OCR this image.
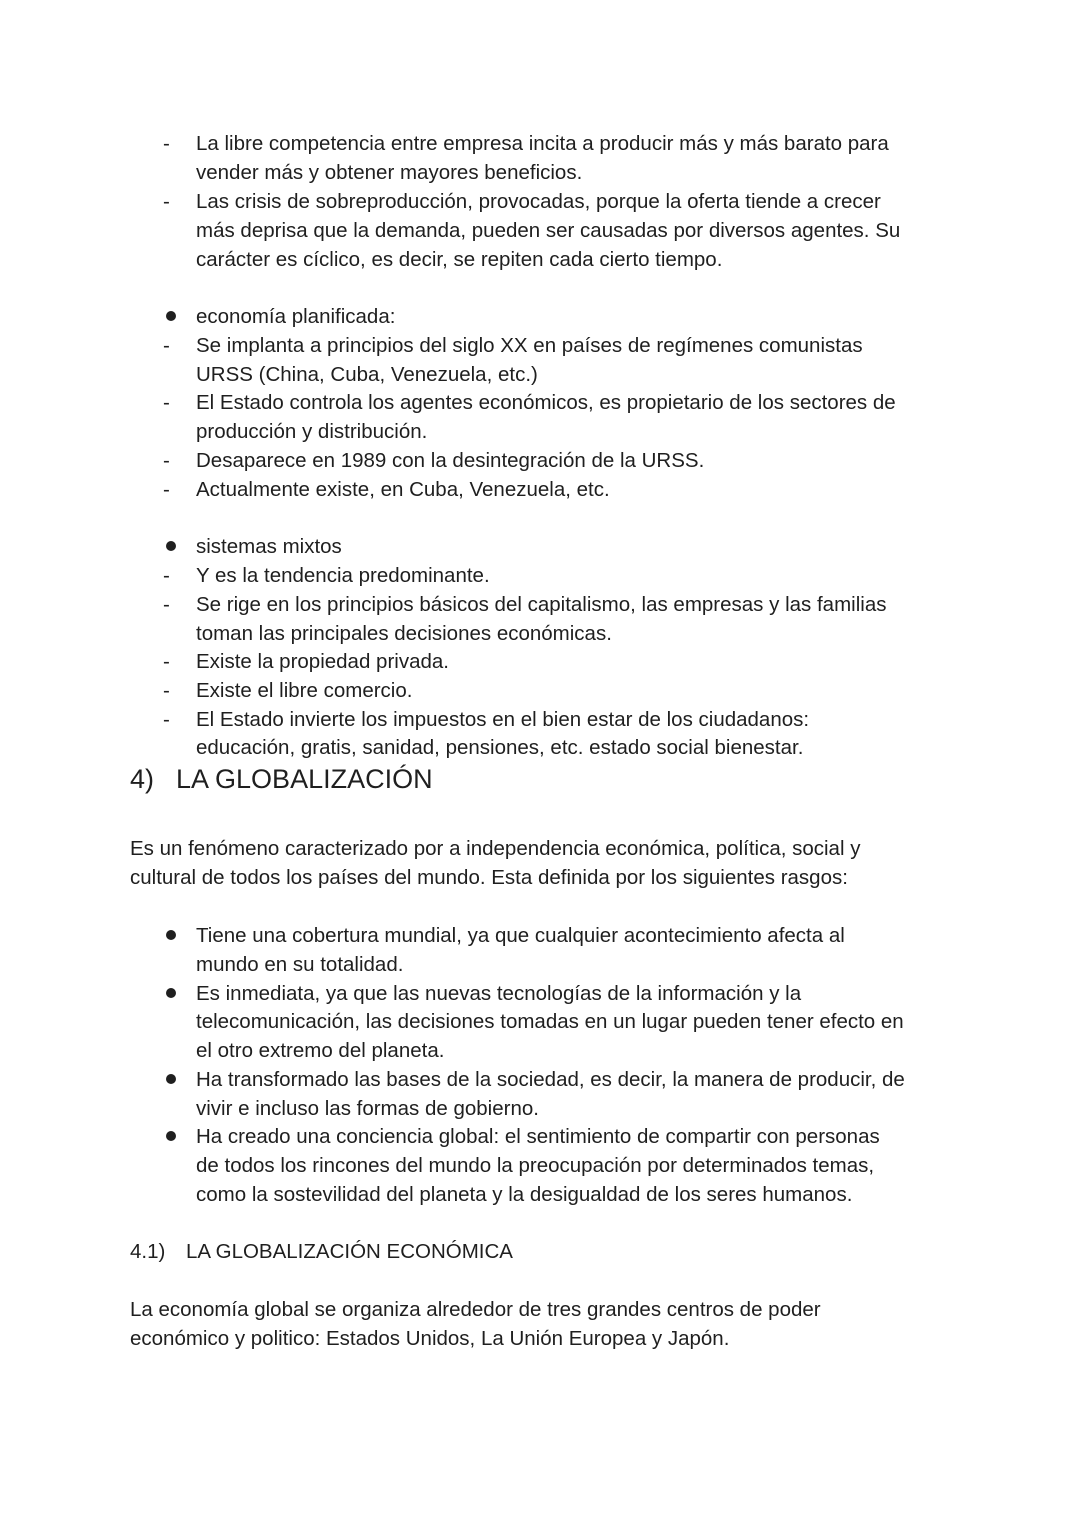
- La libre competencia entre empresa incita a producir más y más barato para
vender más y obtener mayores beneficios.
- Las crisis de sobreproducción, provocadas, porque la oferta tiende a crecer
más deprisa que la demanda, pueden ser causadas por diversos agentes. Su
carácter es cíclico, es decir, se repiten cada cierto tiempo.
economía planificada:
- Se implanta a principios del siglo XX en países de regímenes comunistas
URSS (China, Cuba, Venezuela, etc.)
- El Estado controla los agentes económicos, es propietario de los sectores de
producción y distribución.
- Desaparece en 1989 con la desintegración de la URSS.
- Actualmente existe, en Cuba, Venezuela, etc.
sistemas mixtos
- Y es la tendencia predominante.
- Se rige en los principios básicos del capitalismo, las empresas y las familias
toman las principales decisiones económicas.
- Existe la propiedad privada.
- Existe el libre comercio.
- El Estado invierte los impuestos en el bien estar de los ciudadanos:
educación, gratis, sanidad, pensiones, etc. estado social bienestar.
4) LA GLOBALIZACIÓN
Es un fenómeno caracterizado por a independencia económica, política, social y
cultural de todos los países del mundo. Esta definida por los siguientes rasgos:
Tiene una cobertura mundial, ya que cualquier acontecimiento afecta al
mundo en su totalidad.
Es inmediata, ya que las nuevas tecnologías de la información y la
telecomunicación, las decisiones tomadas en un lugar pueden tener efecto en
el otro extremo del planeta.
Ha transformado las bases de la sociedad, es decir, la manera de producir, de
vivir e incluso las formas de gobierno.
Ha creado una conciencia global: el sentimiento de compartir con personas
de todos los rincones del mundo la preocupación por determinados temas,
como la sostevilidad del planeta y la desigualdad de los seres humanos.
4.1) LA GLOBALIZACIÓN ECONÓMICA
La economía global se organiza alrededor de tres grandes centros de poder
económico y politico: Estados Unidos, La Unión Europea y Japón.
